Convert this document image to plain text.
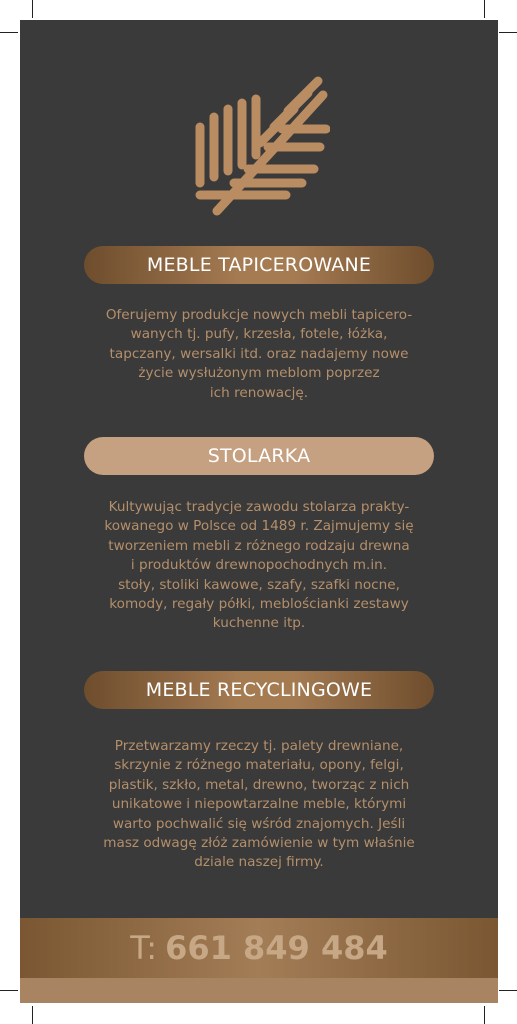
MEBLE TAPICEROWANE

Oferujemy produkcje nowych mebli tapicero-
wanych tj. pufy, krzesła, fotele, łóżka,
tapczany, wersalki itd. oraz nadajemy nowe
życie wysłużonym meblom poprzez
ich renowację.

STOLARKA

Kultywując tradycje zawodu stolarza prakty-
kowanego w Polsce od 1489 r. Zajmujemy się
tworzeniem mebli z różnego rodzaju drewna
i produktów drewnopochodnych m.in.
stoły, stoliki kawowe, szafy, szafki nocne,
komody, regały półki, meblościanki zestawy
kuchenne itp.

MEBLE RECYCLINGOWE

Przetwarzamy rzeczy tj. palety drewniane,
skrzynie z różnego materiału, opony, felgi,
plastik, szkło, metal, drewno, tworząc z nich
unikatowe i niepowtarzalne meble, którymi
warto pochwalić się wśród znajomych. Jeśli
masz odwagę złóż zamówienie w tym właśnie
dziale naszej firmy.

T: 661 849 484
